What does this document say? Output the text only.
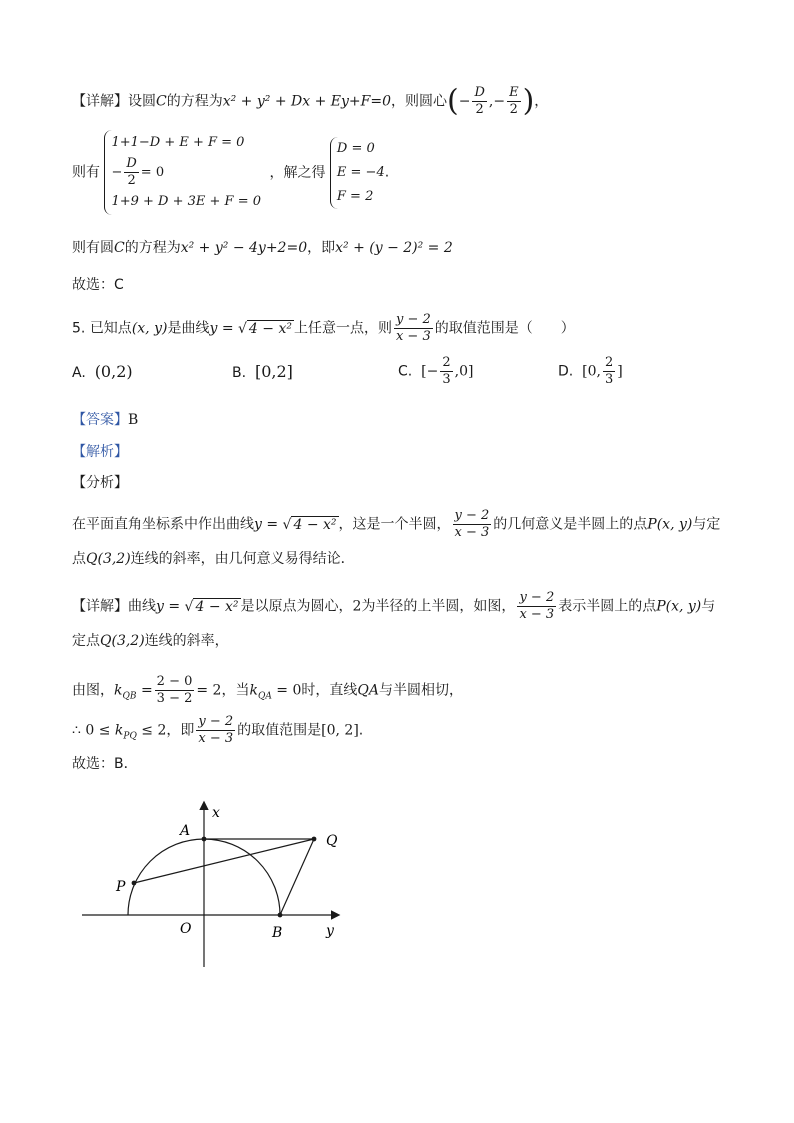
【详解】设圆C的方程为x² + y² + Dx + Ey+F=0，则圆心(− $\frac{D}{2}$ ,− $\frac{E}{2}$ )，
则有
1+1−D + E + F = 0
− $\frac{D}{2} = 0$
1+9 + D + 3E + F = 0
，解之得
D = 0
E = −4
F = 2
.
则有圆C的方程为x² + y² − 4y+2=0，即x² + (y − 2)² = 2
故选：C
5. 已知点(x, y)是曲线y = √ 4 − x² 上任意一点，则 $\frac{y - 2}{x - 3}$ 的取值范围是（　　）
A. (0,2)	B. [0,2]	C. [− $\frac{2}{3} ,0$]	D. [0, $\frac{2}{3}$ ]
【答案】B
【解析】
【分析】
在平面直角坐标系中作出曲线y = √ 4 − x² ，这是一个半圆， $\frac{y - 2}{x - 3}$ 的几何意义是半圆上的点P(x, y)与定
点Q(3,2)连线的斜率，由几何意义易得结论．
【详解】曲线y = √ 4 − x² 是以原点为圆心，2为半径的上半圆，如图， $\frac{y - 2}{x - 3}$ 表示半圆上的点P(x, y)与
定点Q(3,2)连线的斜率，
由图，$k_{QB} = \frac{2 - 0}{3 - 2} = 2$，当$k_{QA} = 0$时，直线QA与半圆相切，
∴ $0 \le k_{PQ} \le 2$，即 $\frac{y - 2}{x - 3}$ 的取值范围是[0, 2].
故选：B．
x
y
A
P
Q
O	B
